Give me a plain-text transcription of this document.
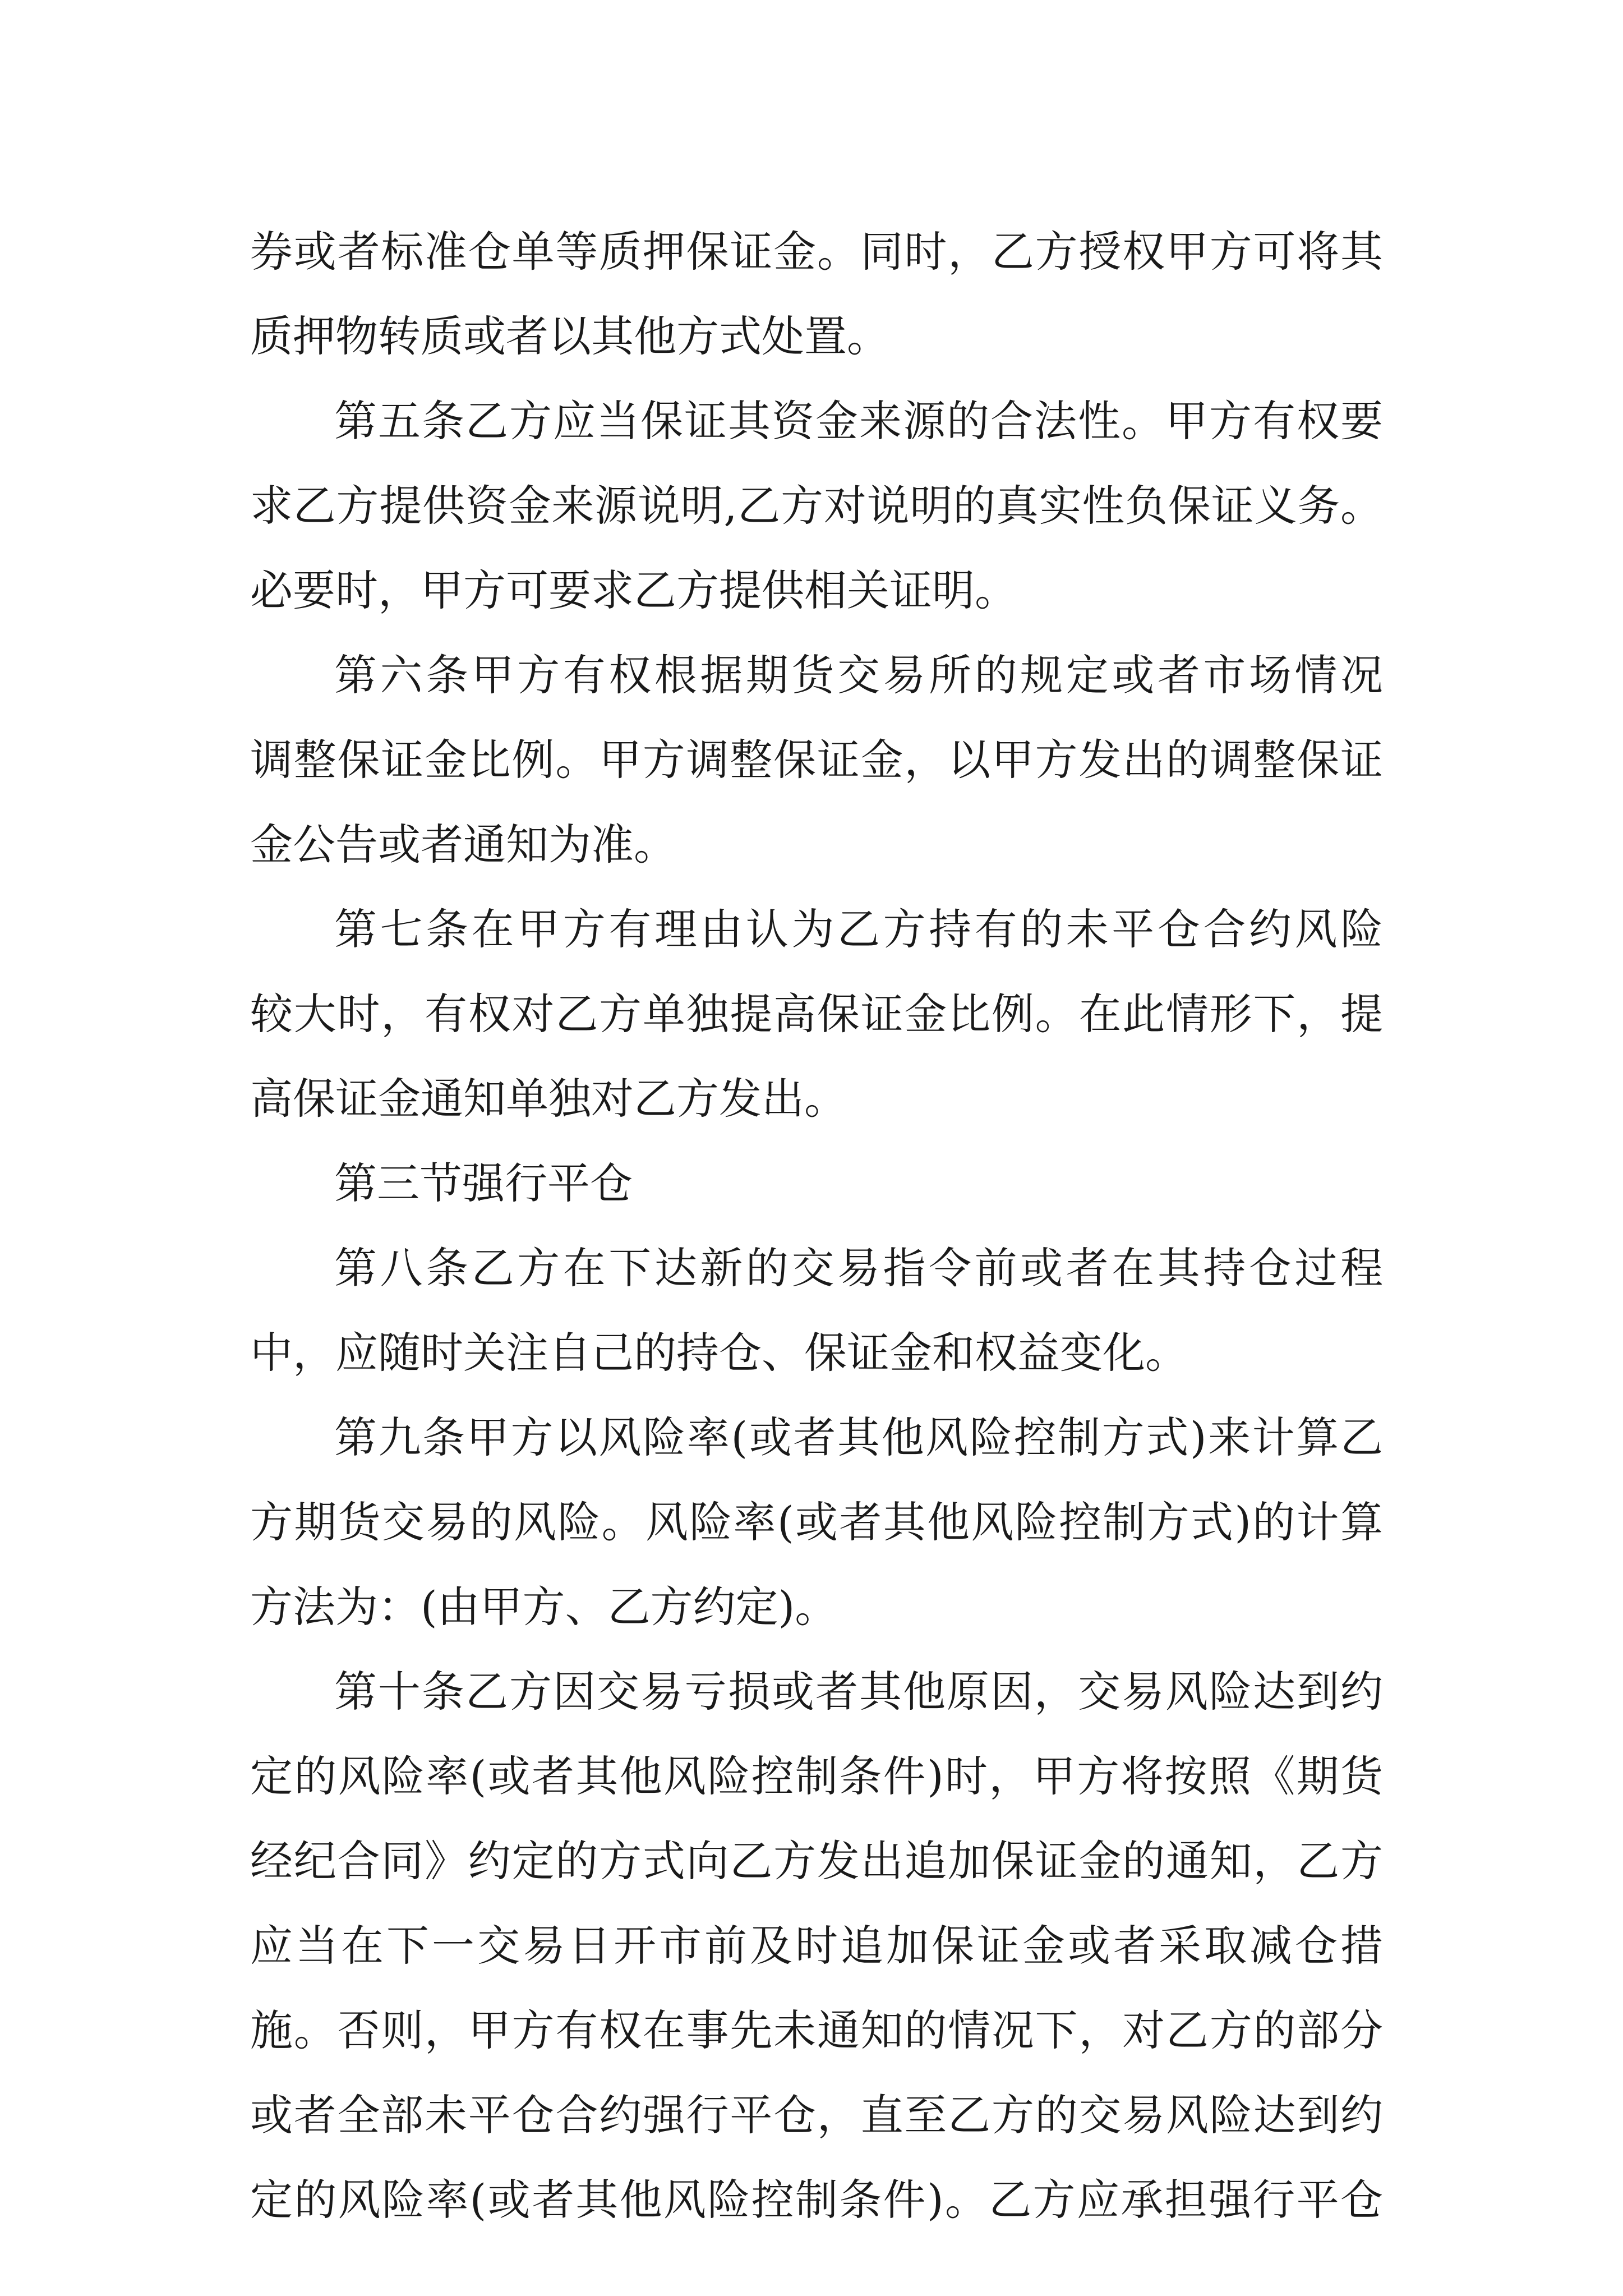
券或者标准仓单等质押保证金。同时，乙方授权甲方可将其
质押物转质或者以其他方式处置。
第五条乙方应当保证其资金来源的合法性。甲方有权要
求乙方提供资金来源说明,乙方对说明的真实性负保证义务。
必要时，甲方可要求乙方提供相关证明。
第六条甲方有权根据期货交易所的规定或者市场情况
调整保证金比例。甲方调整保证金，以甲方发出的调整保证
金公告或者通知为准。
第七条在甲方有理由认为乙方持有的未平仓合约风险
较大时，有权对乙方单独提高保证金比例。在此情形下，提
高保证金通知单独对乙方发出。
第三节强行平仓
第八条乙方在下达新的交易指令前或者在其持仓过程
中，应随时关注自己的持仓、保证金和权益变化。
第九条甲方以风险率(或者其他风险控制方式)来计算乙
方期货交易的风险。风险率(或者其他风险控制方式)的计算
方法为：(由甲方、乙方约定)。
第十条乙方因交易亏损或者其他原因，交易风险达到约
定的风险率(或者其他风险控制条件)时，甲方将按照《期货
经纪合同》约定的方式向乙方发出追加保证金的通知，乙方
应当在下一交易日开市前及时追加保证金或者采取减仓措
施。否则，甲方有权在事先未通知的情况下，对乙方的部分
或者全部未平仓合约强行平仓，直至乙方的交易风险达到约
定的风险率(或者其他风险控制条件)。乙方应承担强行平仓
